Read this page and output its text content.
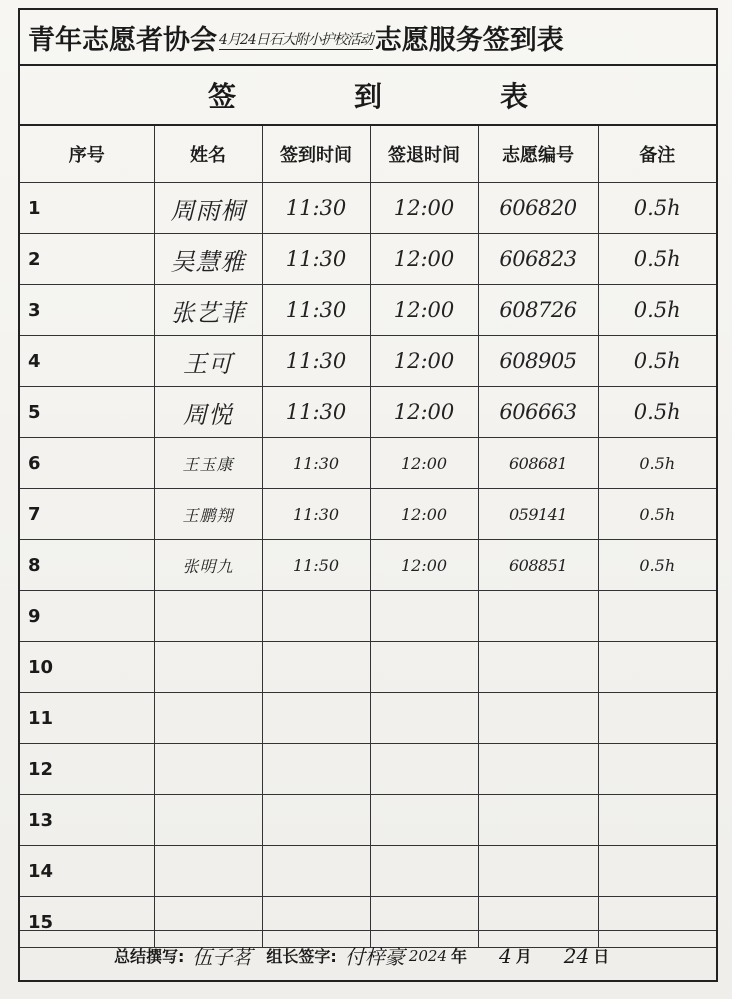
青年志愿者协会 4月24日石大附小护校活动 志愿服务签到表
签到表
序号	姓名	签到时间	签退时间	志愿编号	备注
1	周雨桐	11:30	12:00	606820	0.5h
2	吴慧雅	11:30	12:00	606823	0.5h
3	张艺菲	11:30	12:00	608726	0.5h
4	王可	11:30	12:00	608905	0.5h
5	周悦	11:30	12:00	606663	0.5h
6	王玉康	11:30	12:00	608681	0.5h
7	王鹏翔	11:30	12:00	059141	0.5h
8	张明九	11:50	12:00	608851	0.5h
9					
10					
11					
12					
13					
14					
15					
总结撰写: 伍子茗 组长签字: 付梓豪 2024 年 4 月 24 日
